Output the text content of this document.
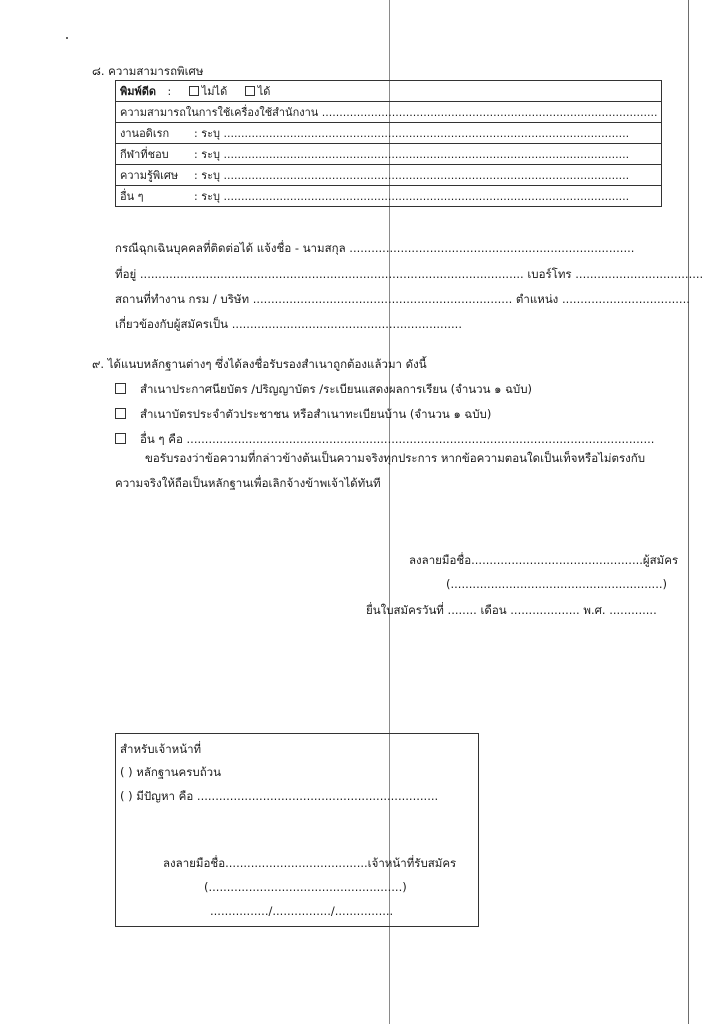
๘. ความสามารถพิเศษ
พิมพ์ดีด :	ไม่ได้	ได้
ความสามารถในการใช้เครื่องใช้สำนักงาน ................................................................................................
งานอดิเรก : ระบุ ....................................................................................................................
กีฬาที่ชอบ : ระบุ ....................................................................................................................
ความรู้พิเศษ : ระบุ ....................................................................................................................
อื่น ๆ	: ระบุ ....................................................................................................................
กรณีฉุกเฉินบุคคลที่ติดต่อได้ แจ้งชื่อ - นามสกุล ..............................................................................
ที่อยู่ ......................................................................................................... เบอร์โทร ...................................
สถานที่ทำงาน กรม / บริษัท ....................................................................... ตำแหน่ง ...................................
เกี่ยวข้องกับผู้สมัครเป็น ...............................................................
๙. ได้แนบหลักฐานต่างๆ ซึ่งได้ลงชื่อรับรองสำเนาถูกต้องแล้วมา ดังนี้
สำเนาประกาศนียบัตร /ปริญญาบัตร /ระเบียนแสดงผลการเรียน (จำนวน ๑ ฉบับ)
สำเนาบัตรประจำตัวประชาชน หรือสำเนาทะเบียนบ้าน (จำนวน ๑ ฉบับ)
อื่น ๆ คือ ................................................................................................................................
ขอรับรองว่าข้อความที่กล่าวข้างต้นเป็นความจริงทุกประการ หากข้อความตอนใดเป็นเท็จหรือไม่ตรงกับ
ความจริงให้ถือเป็นหลักฐานเพื่อเลิกจ้างข้าพเจ้าได้ทันที
ลงลายมือชื่อ...............................................ผู้สมัคร
(..........................................................)
ยื่นใบสมัครวันที่ ........ เดือน ................... พ.ศ. .............
สำหรับเจ้าหน้าที่
( ) หลักฐานครบถ้วน
( ) มีปัญหา คือ ..................................................................
ลงลายมือชื่อ.......................................เจ้าหน้าที่รับสมัคร
(.....................................................)
................/................/................
